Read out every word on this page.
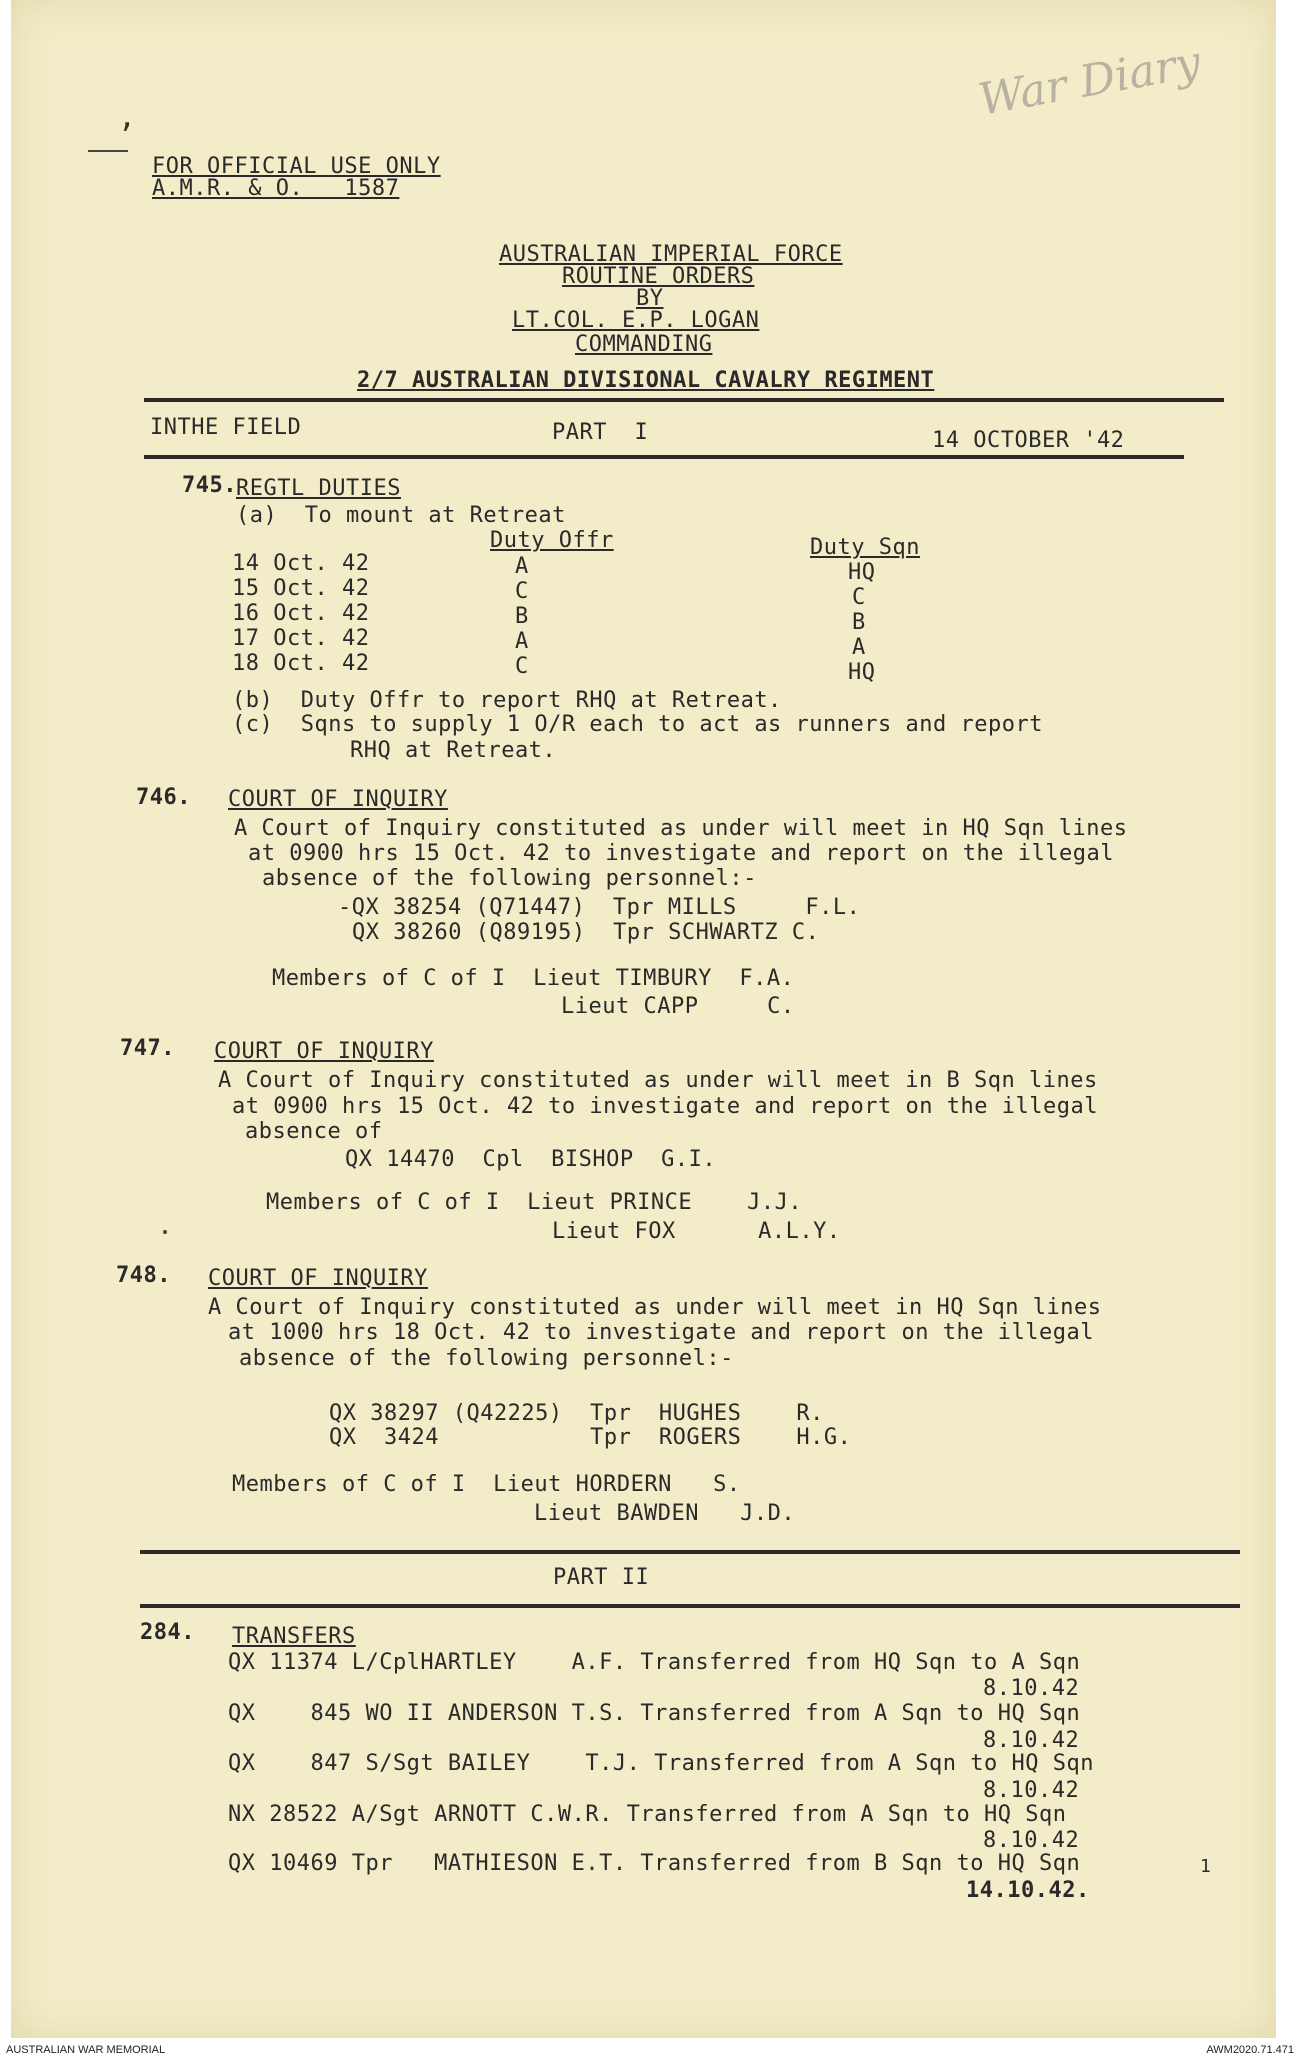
War Diary
,
FOR OFFICIAL USE ONLY
A.M.R. & O.   1587
AUSTRALIAN IMPERIAL FORCE
ROUTINE ORDERS
BY
LT.COL. E.P. LOGAN
COMMANDING
2/7 AUSTRALIAN DIVISIONAL CAVALRY REGIMENT
INTHE FIELD	PART  I	14 OCTOBER '42
745. REGTL DUTIES
(a)  To mount at Retreat
Duty Offr	Duty Sqn
14 Oct. 42	A	HQ
15 Oct. 42	C	C
16 Oct. 42	B	B
17 Oct. 42	A	A
18 Oct. 42	C	HQ
(b)  Duty Offr to report RHQ at Retreat.
(c)  Sqns to supply 1 O/R each to act as runners and report
RHQ at Retreat.
746. COURT OF INQUIRY
A Court of Inquiry constituted as under will meet in HQ Sqn lines
at 0900 hrs 15 Oct. 42 to investigate and report on the illegal
absence of the following personnel:-
-QX 38254 (Q71447)  Tpr MILLS     F.L.
QX 38260 (Q89195)  Tpr SCHWARTZ C.
Members of C of I  Lieut TIMBURY  F.A.
Lieut CAPP     C.
747. COURT OF INQUIRY
A Court of Inquiry constituted as under will meet in B Sqn lines
at 0900 hrs 15 Oct. 42 to investigate and report on the illegal
absence of
QX 14470  Cpl  BISHOP  G.I.
Members of C of I  Lieut PRINCE    J.J.
Lieut FOX      A.L.Y.
748. COURT OF INQUIRY
A Court of Inquiry constituted as under will meet in HQ Sqn lines
at 1000 hrs 18 Oct. 42 to investigate and report on the illegal
absence of the following personnel:-
QX 38297 (Q42225)  Tpr  HUGHES    R.
QX  3424           Tpr  ROGERS    H.G.
Members of C of I  Lieut HORDERN   S.
Lieut BAWDEN   J.D.
PART II
284. TRANSFERS
QX 11374 L/CplHARTLEY    A.F. Transferred from HQ Sqn to A Sqn
8.10.42
QX    845 WO II ANDERSON T.S. Transferred from A Sqn to HQ Sqn
8.10.42
QX    847 S/Sgt BAILEY    T.J. Transferred from A Sqn to HQ Sqn
8.10.42
NX 28522 A/Sgt ARNOTT C.W.R. Transferred from A Sqn to HQ Sqn
8.10.42
QX 10469 Tpr   MATHIESON E.T. Transferred from B Sqn to HQ Sqn
14.10.42.
1
AUSTRALIAN WAR MEMORIAL	AWM2020.71.471
